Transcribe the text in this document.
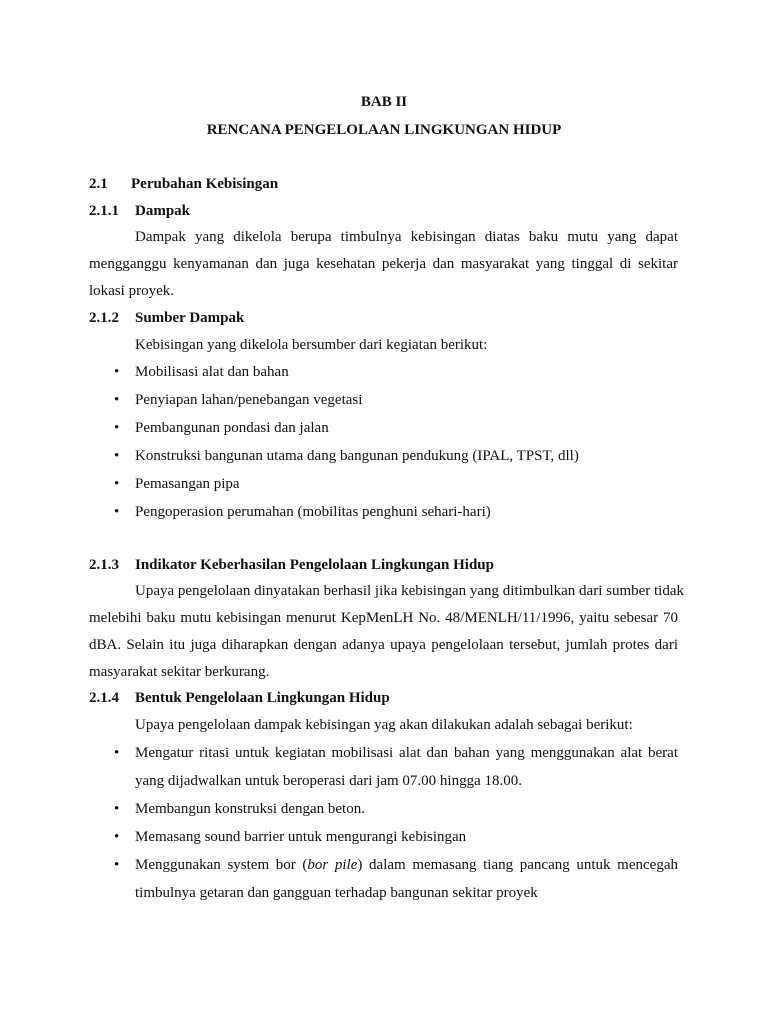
BAB II
RENCANA PENGELOLAAN LINGKUNGAN HIDUP
2.1 Perubahan Kebisingan
2.1.1 Dampak
Dampak yang dikelola berupa timbulnya kebisingan diatas baku mutu yang dapat
mengganggu kenyamanan dan juga kesehatan pekerja dan masyarakat yang tinggal di sekitar
lokasi proyek.
2.1.2 Sumber Dampak
Kebisingan yang dikelola bersumber dari kegiatan berikut:
•
Mobilisasi alat dan bahan
•
Penyiapan lahan/penebangan vegetasi
•
Pembangunan pondasi dan jalan
•
Konstruksi bangunan utama dang bangunan pendukung (IPAL, TPST, dll)
•
Pemasangan pipa
•
Pengoperasion perumahan (mobilitas penghuni sehari-hari)
2.1.3 Indikator Keberhasilan Pengelolaan Lingkungan Hidup
Upaya pengelolaan dinyatakan berhasil jika kebisingan yang ditimbulkan dari sumber tidak
melebihi baku mutu kebisingan menurut KepMenLH No. 48/MENLH/11/1996, yaitu sebesar 70
dBA. Selain itu juga diharapkan dengan adanya upaya pengelolaan tersebut, jumlah protes dari
masyarakat sekitar berkurang.
2.1.4 Bentuk Pengelolaan Lingkungan Hidup
Upaya pengelolaan dampak kebisingan yag akan dilakukan adalah sebagai berikut:
•
Mengatur ritasi untuk kegiatan mobilisasi alat dan bahan yang menggunakan alat berat
yang dijadwalkan untuk beroperasi dari jam 07.00 hingga 18.00.
•
Membangun konstruksi dengan beton.
•
Memasang sound barrier untuk mengurangi kebisingan
•
Menggunakan system bor (bor pile) dalam memasang tiang pancang untuk mencegah
timbulnya getaran dan gangguan terhadap bangunan sekitar proyek
